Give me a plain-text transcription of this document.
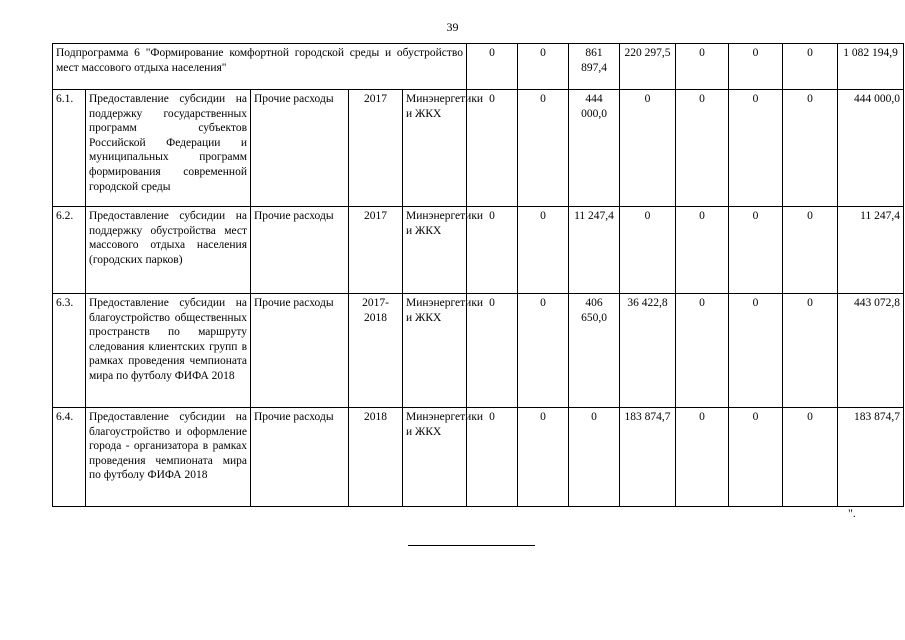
39
Подпрограмма 6 "Формирование комфортной городской среды и обустройство мест массового отдыха населения"					0	0	861 897,4	220 297,5	0	0	0	1 082 194,9
6.1.	Предоставление субсидии на поддержку государственных программ субъектов Российской Федерации и муниципальных программ формирования современной городской среды	Прочие расходы	2017	Минэнергетики и ЖКХ	0	0	444 000,0	0	0	0	0	444 000,0
6.2.	Предоставление субсидии на поддержку обустройства мест массового отдыха населения (городских парков)	Прочие расходы	2017	Минэнергетики и ЖКХ	0	0	11 247,4	0	0	0	0	11 247,4
6.3.	Предоставление субсидии на благоустройство общественных пространств по маршруту следования клиентских групп в рамках проведения чемпионата мира по футболу ФИФА 2018	Прочие расходы	2017-2018	Минэнергетики и ЖКХ	0	0	406 650,0	36 422,8	0	0	0	443 072,8
6.4.	Предоставление субсидии на благоустройство и оформление города - организатора в рамках проведения чемпионата мира по футболу ФИФА 2018	Прочие расходы	2018	Минэнергетики и ЖКХ	0	0	0	183 874,7	0	0	0	183 874,7
".
